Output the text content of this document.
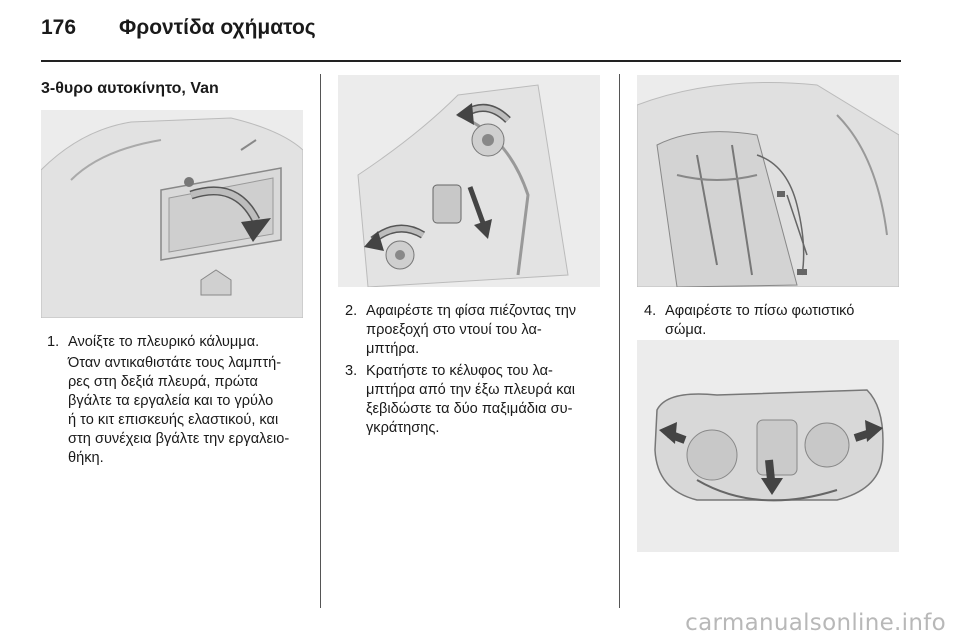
176 Φροντίδα οχήματος
3-θυρο αυτοκίνητο, Van
1. Ανοίξτε το πλευρικό κάλυμμα.
Όταν αντικαθιστάτε τους λαμπτή-
ρες στη δεξιά πλευρά, πρώτα
βγάλτε τα εργαλεία και το γρύλο
ή το κιτ επισκευής ελαστικού, και
στη συνέχεια βγάλτε την εργαλειο-
θήκη.
2. Αφαιρέστε τη φίσα πιέζοντας την
προεξοχή στο ντουί του λα-
μπτήρα.
3. Κρατήστε το κέλυφος του λα-
μπτήρα από την έξω πλευρά και
ξεβιδώστε τα δύο παξιμάδια συ-
γκράτησης.
4. Αφαιρέστε το πίσω φωτιστικό
σώμα.
carmanualsonline.info
